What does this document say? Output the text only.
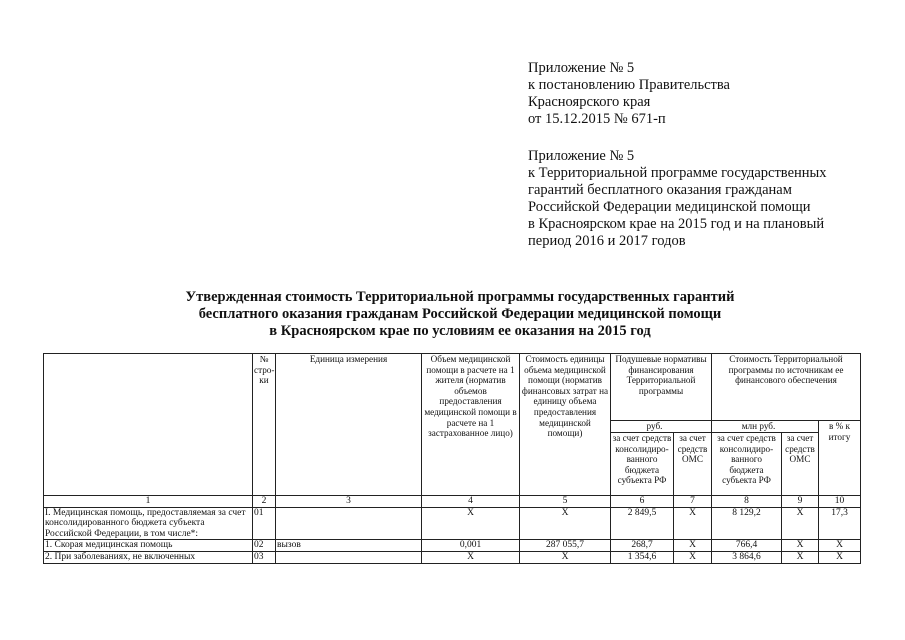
Приложение № 5
к постановлению Правительства
Красноярского края
от 15.12.2015 № 671-п
Приложение № 5
к Территориальной программе государственных
гарантий бесплатного оказания гражданам
Российской Федерации медицинской помощи
в Красноярском крае на 2015 год и на плановый
период 2016 и 2017 годов
Утвержденная стоимость Территориальной программы государственных гарантий
бесплатного оказания гражданам Российской Федерации медицинской помощи
в Красноярском крае по условиям ее оказания на 2015 год
	№ стро-ки	Единица измерения	Объем медицинской помощи в расчете на 1 жителя (норматив объемов предоставления медицинской помощи в расчете на 1 застрахованное лицо)	Стоимость единицы объема медицинской помощи (норматив финансовых затрат на единицу объема предоставления медицинской помощи)	Подушевые нормативы финансирования Территориальной программы		Стоимость Территориальной программы по источникам ее финансового обеспечения		
					руб.		млн руб.		в % к итогу
					за счет средств консолидиро-ванного бюджета субъекта РФ	за счет средств ОМС	за счет средств консолидиро-ванного бюджета субъекта РФ	за счет средств ОМС	
1	2	3	4	5	6	7	8	9	10
I. Медицинская помощь, предоставляемая за счет консолидированного бюджета субъекта Российской Федерации, в том числе*:	01		Х	Х	2 849,5	Х	8 129,2	Х	17,3
1. Скорая медицинская помощь	02	вызов	0,001	287 055,7	268,7	Х	766,4	Х	Х
2. При заболеваниях, не включенных	03		Х	Х	1 354,6	Х	3 864,6	Х	Х
